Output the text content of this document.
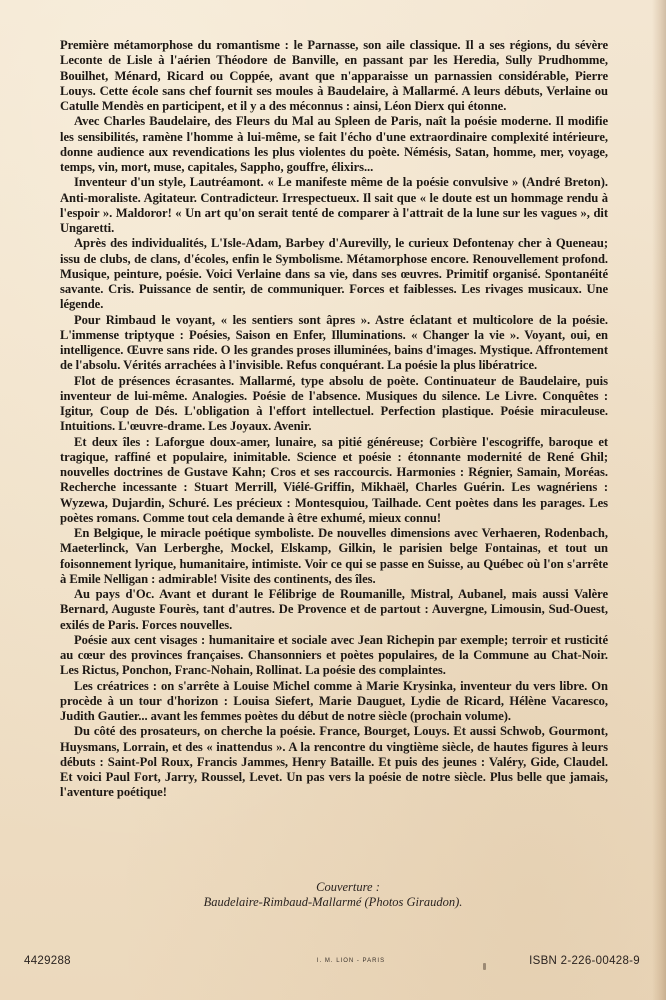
Première métamorphose du romantisme : le Parnasse, son aile classique. Il a ses régions, du sévère Leconte de Lisle à l'aérien Théodore de Banville, en passant par les Heredia, Sully Prudhomme, Bouilhet, Ménard, Ricard ou Coppée, avant que n'apparaisse un parnassien considérable, Pierre Louys. Cette école sans chef fournit ses moules à Baudelaire, à Mallarmé. A leurs débuts, Verlaine ou Catulle Mendès en participent, et il y a des méconnus : ainsi, Léon Dierx qui étonne.

Avec Charles Baudelaire, des Fleurs du Mal au Spleen de Paris, naît la poésie moderne. Il modifie les sensibilités, ramène l'homme à lui-même, se fait l'écho d'une extraordinaire complexité intérieure, donne audience aux revendications les plus violentes du poète. Némésis, Satan, homme, mer, voyage, temps, vin, mort, muse, capitales, Sappho, gouffre, élixirs...

Inventeur d'un style, Lautréamont. « Le manifeste même de la poésie convulsive » (André Breton). Anti-moraliste. Agitateur. Contradicteur. Irrespectueux. Il sait que « le doute est un hommage rendu à l'espoir ». Maldoror! « Un art qu'on serait tenté de comparer à l'attrait de la lune sur les vagues », dit Ungaretti.

Après des individualités, L'Isle-Adam, Barbey d'Aurevilly, le curieux Defontenay cher à Queneau; issu de clubs, de clans, d'écoles, enfin le Symbolisme. Métamorphose encore. Renouvellement profond. Musique, peinture, poésie. Voici Verlaine dans sa vie, dans ses œuvres. Primitif organisé. Spontanéité savante. Cris. Puissance de sentir, de communiquer. Forces et faiblesses. Les rivages musicaux. Une légende.

Pour Rimbaud le voyant, « les sentiers sont âpres ». Astre éclatant et multicolore de la poésie. L'immense triptyque : Poésies, Saison en Enfer, Illuminations. « Changer la vie ». Voyant, oui, en intelligence. Œuvre sans ride. O les grandes proses illuminées, bains d'images. Mystique. Affrontement de l'absolu. Vérités arrachées à l'invisible. Refus conquérant. La poésie la plus libératrice.

Flot de présences écrasantes. Mallarmé, type absolu de poète. Continuateur de Baudelaire, puis inventeur de lui-même. Analogies. Poésie de l'absence. Musiques du silence. Le Livre. Conquêtes : Igitur, Coup de Dés. L'obligation à l'effort intellectuel. Perfection plastique. Poésie miraculeuse. Intuitions. L'œuvre-drame. Les Joyaux. Avenir.

Et deux îles : Laforgue doux-amer, lunaire, sa pitié généreuse; Corbière l'escogriffe, baroque et tragique, raffiné et populaire, inimitable. Science et poésie : étonnante modernité de René Ghil; nouvelles doctrines de Gustave Kahn; Cros et ses raccourcis. Harmonies : Régnier, Samain, Moréas. Recherche incessante : Stuart Merrill, Viélé-Griffin, Mikhaël, Charles Guérin. Les wagnériens : Wyzewa, Dujardin, Schuré. Les précieux : Montesquiou, Tailhade. Cent poètes dans les parages. Les poètes romans. Comme tout cela demande à être exhumé, mieux connu!

En Belgique, le miracle poétique symboliste. De nouvelles dimensions avec Verhaeren, Rodenbach, Maeterlinck, Van Lerberghe, Mockel, Elskamp, Gilkin, le parisien belge Fontainas, et tout un foisonnement lyrique, humanitaire, intimiste. Voir ce qui se passe en Suisse, au Québec où l'on s'arrête à Emile Nelligan : admirable! Visite des continents, des îles.

Au pays d'Oc. Avant et durant le Félibrige de Roumanille, Mistral, Aubanel, mais aussi Valère Bernard, Auguste Fourès, tant d'autres. De Provence et de partout : Auvergne, Limousin, Sud-Ouest, exilés de Paris. Forces nouvelles.

Poésie aux cent visages : humanitaire et sociale avec Jean Richepin par exemple; terroir et rusticité au cœur des provinces françaises. Chansonniers et poètes populaires, de la Commune au Chat-Noir. Les Rictus, Ponchon, Franc-Nohain, Rollinat. La poésie des complaintes.

Les créatrices : on s'arrête à Louise Michel comme à Marie Krysinka, inventeur du vers libre. On procède à un tour d'horizon : Louisa Siefert, Marie Dauguet, Lydie de Ricard, Hélène Vacaresco, Judith Gautier... avant les femmes poètes du début de notre siècle (prochain volume).

Du côté des prosateurs, on cherche la poésie. France, Bourget, Louys. Et aussi Schwob, Gourmont, Huysmans, Lorrain, et des « inattendus ». A la rencontre du vingtième siècle, de hautes figures à leurs débuts : Saint-Pol Roux, Francis Jammes, Henry Bataille. Et puis des jeunes : Valéry, Gide, Claudel. Et voici Paul Fort, Jarry, Roussel, Levet. Un pas vers la poésie de notre siècle. Plus belle que jamais, l'aventure poétique!

Couverture :
Baudelaire-Rimbaud-Mallarmé (Photos Giraudon).
4429288	I. M. LION - PARIS	ISBN 2-226-00428-9
